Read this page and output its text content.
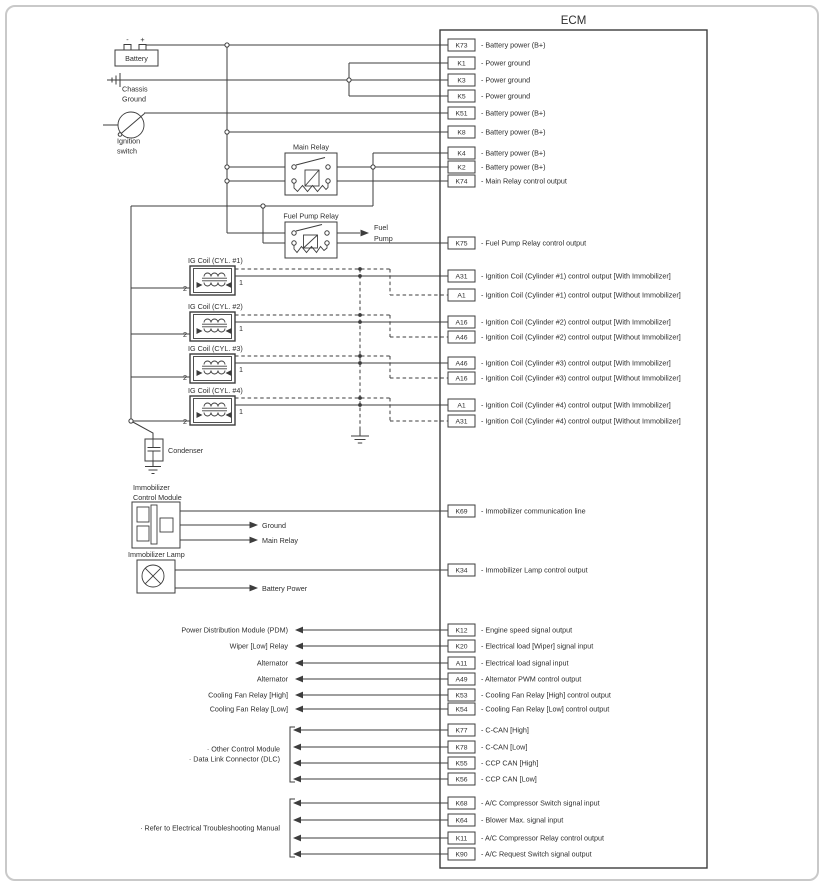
ECM
- +
Battery
Chassis
Ground
Ignition
switch	Main Relay
Fuel Pump Relay
Fuel
Pump
IG Coil (CYL. #1)
2
1
IG Coil (CYL. #2)
2
1
IG Coil (CYL. #3)
2
1
IG Coil (CYL. #4)
2
1
Condenser
Immobilizer
Control Module
Ground
Main Relay
Immobilizer Lamp
Battery Power
Power Distribution Module (PDM)
Wiper [Low] Relay
Alternator
Alternator
Cooling Fan Relay [High]
Cooling Fan Relay [Low]
· Other Control Module
· Data Link Connector (DLC)
· Refer to Electrical Troubleshooting Manual
K73 - Battery power (B+)
K1 - Power ground
K3 - Power ground
K5 - Power ground
K51 - Battery power (B+)
K8 - Battery power (B+)
K4 - Battery power (B+)
K2 - Battery power (B+)
K74 - Main Relay control output
K75 - Fuel Pump Relay control output
A31 - Ignition Coil (Cylinder #1) control output [With Immobilizer]
A1 - Ignition Coil (Cylinder #1) control output [Without Immobilizer]
A16 - Ignition Coil (Cylinder #2) control output [With Immobilizer]
A46 - Ignition Coil (Cylinder #2) control output [Without Immobilizer]
A46 - Ignition Coil (Cylinder #3) control output [With Immobilizer]
A16 - Ignition Coil (Cylinder #3) control output [Without Immobilizer]
A1 - Ignition Coil (Cylinder #4) control output [With Immobilizer]
A31 - Ignition Coil (Cylinder #4) control output [Without Immobilizer]
K69 - Immobilizer communication line
K34 - Immobilizer Lamp control output
K12 - Engine speed signal output
K20 - Electrical load [Wiper] signal input
A11 - Electrical load signal input
A49 - Alternator PWM control output
K53 - Cooling Fan Relay [High] control output
K54 - Cooling Fan Relay [Low] control output
K77 - C-CAN [High]
K78 - C-CAN [Low]
K55 - CCP CAN [High]
K56 - CCP CAN [Low]
K68 - A/C Compressor Switch signal input
K64 - Blower Max. signal input
K11 - A/C Compressor Relay control output
K90 - A/C Request Switch signal output
